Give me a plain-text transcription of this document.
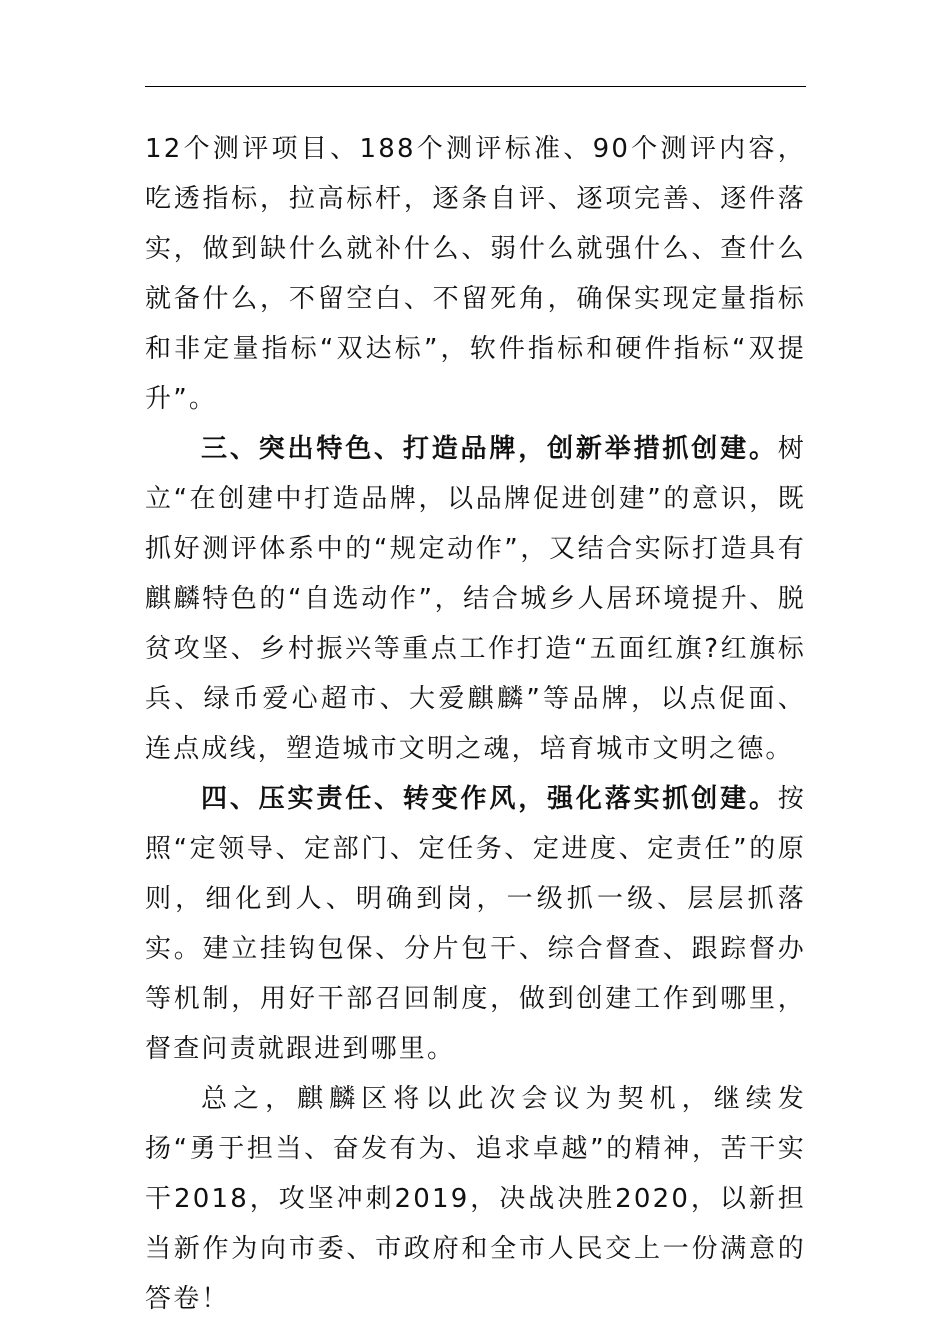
12个测评项目、188个测评标准、90个测评内容，吃透指标，拉高标杆，逐条自评、逐项完善、逐件落实，做到缺什么就补什么、弱什么就强什么、查什么就备什么，不留空白、不留死角，确保实现定量指标和非定量指标“双达标”，软件指标和硬件指标“双提升”。

三、突出特色、打造品牌，创新举措抓创建。树立“在创建中打造品牌，以品牌促进创建”的意识，既抓好测评体系中的“规定动作”，又结合实际打造具有麒麟特色的“自选动作”，结合城乡人居环境提升、脱贫攻坚、乡村振兴等重点工作打造“五面红旗?红旗标兵、绿币爱心超市、大爱麒麟”等品牌，以点促面、连点成线，塑造城市文明之魂，培育城市文明之德。

四、压实责任、转变作风，强化落实抓创建。按照“定领导、定部门、定任务、定进度、定责任”的原则，细化到人、明确到岗，一级抓一级、层层抓落实。建立挂钩包保、分片包干、综合督查、跟踪督办等机制，用好干部召回制度，做到创建工作到哪里，督查问责就跟进到哪里。

总之，麒麟区将以此次会议为契机，继续发扬“勇于担当、奋发有为、追求卓越”的精神，苦干实干2018，攻坚冲刺2019，决战决胜2020，以新担当新作为向市委、市政府和全市人民交上一份满意的答卷！
